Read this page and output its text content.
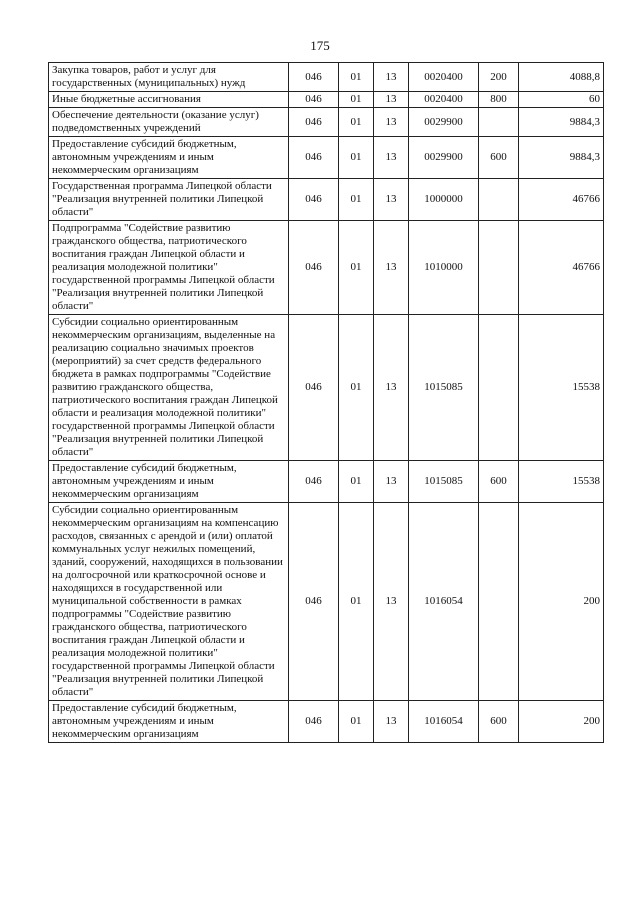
175
Закупка товаров, работ и услуг для государственных (муниципальных) нужд	046	01	13	0020400	200	4088,8
Иные бюджетные ассигнования	046	01	13	0020400	800	60
Обеспечение деятельности (оказание услуг) подведомственных учреждений	046	01	13	0029900		9884,3
Предоставление субсидий бюджетным, автономным учреждениям и иным некоммерческим организациям	046	01	13	0029900	600	9884,3
Государственная программа Липецкой области "Реализация внутренней политики Липецкой области"	046	01	13	1000000		46766
Подпрограмма "Содействие развитию гражданского общества, патриотического воспитания граждан Липецкой области и реализация молодежной политики" государственной программы Липецкой области "Реализация внутренней политики Липецкой области"	046	01	13	1010000		46766
Субсидии социально ориентированным некоммерческим организациям, выделенные на реализацию социально значимых проектов (мероприятий) за счет средств федерального бюджета в рамках подпрограммы "Содействие развитию гражданского общества, патриотического воспитания граждан Липецкой области и реализация молодежной политики" государственной программы Липецкой области "Реализация внутренней политики Липецкой области"	046	01	13	1015085		15538
Предоставление субсидий бюджетным, автономным учреждениям и иным некоммерческим организациям	046	01	13	1015085	600	15538
Субсидии социально ориентированным некоммерческим организациям на компенсацию расходов, связанных с арендой и (или) оплатой коммунальных услуг нежилых помещений, зданий, сооружений, находящихся в пользовании на долгосрочной или краткосрочной основе и находящихся в государственной или муниципальной собственности в рамках подпрограммы "Содействие развитию гражданского общества, патриотического воспитания граждан Липецкой области и реализация молодежной политики" государственной программы Липецкой области "Реализация внутренней политики Липецкой области"	046	01	13	1016054		200
Предоставление субсидий бюджетным, автономным учреждениям и иным некоммерческим организациям	046	01	13	1016054	600	200
